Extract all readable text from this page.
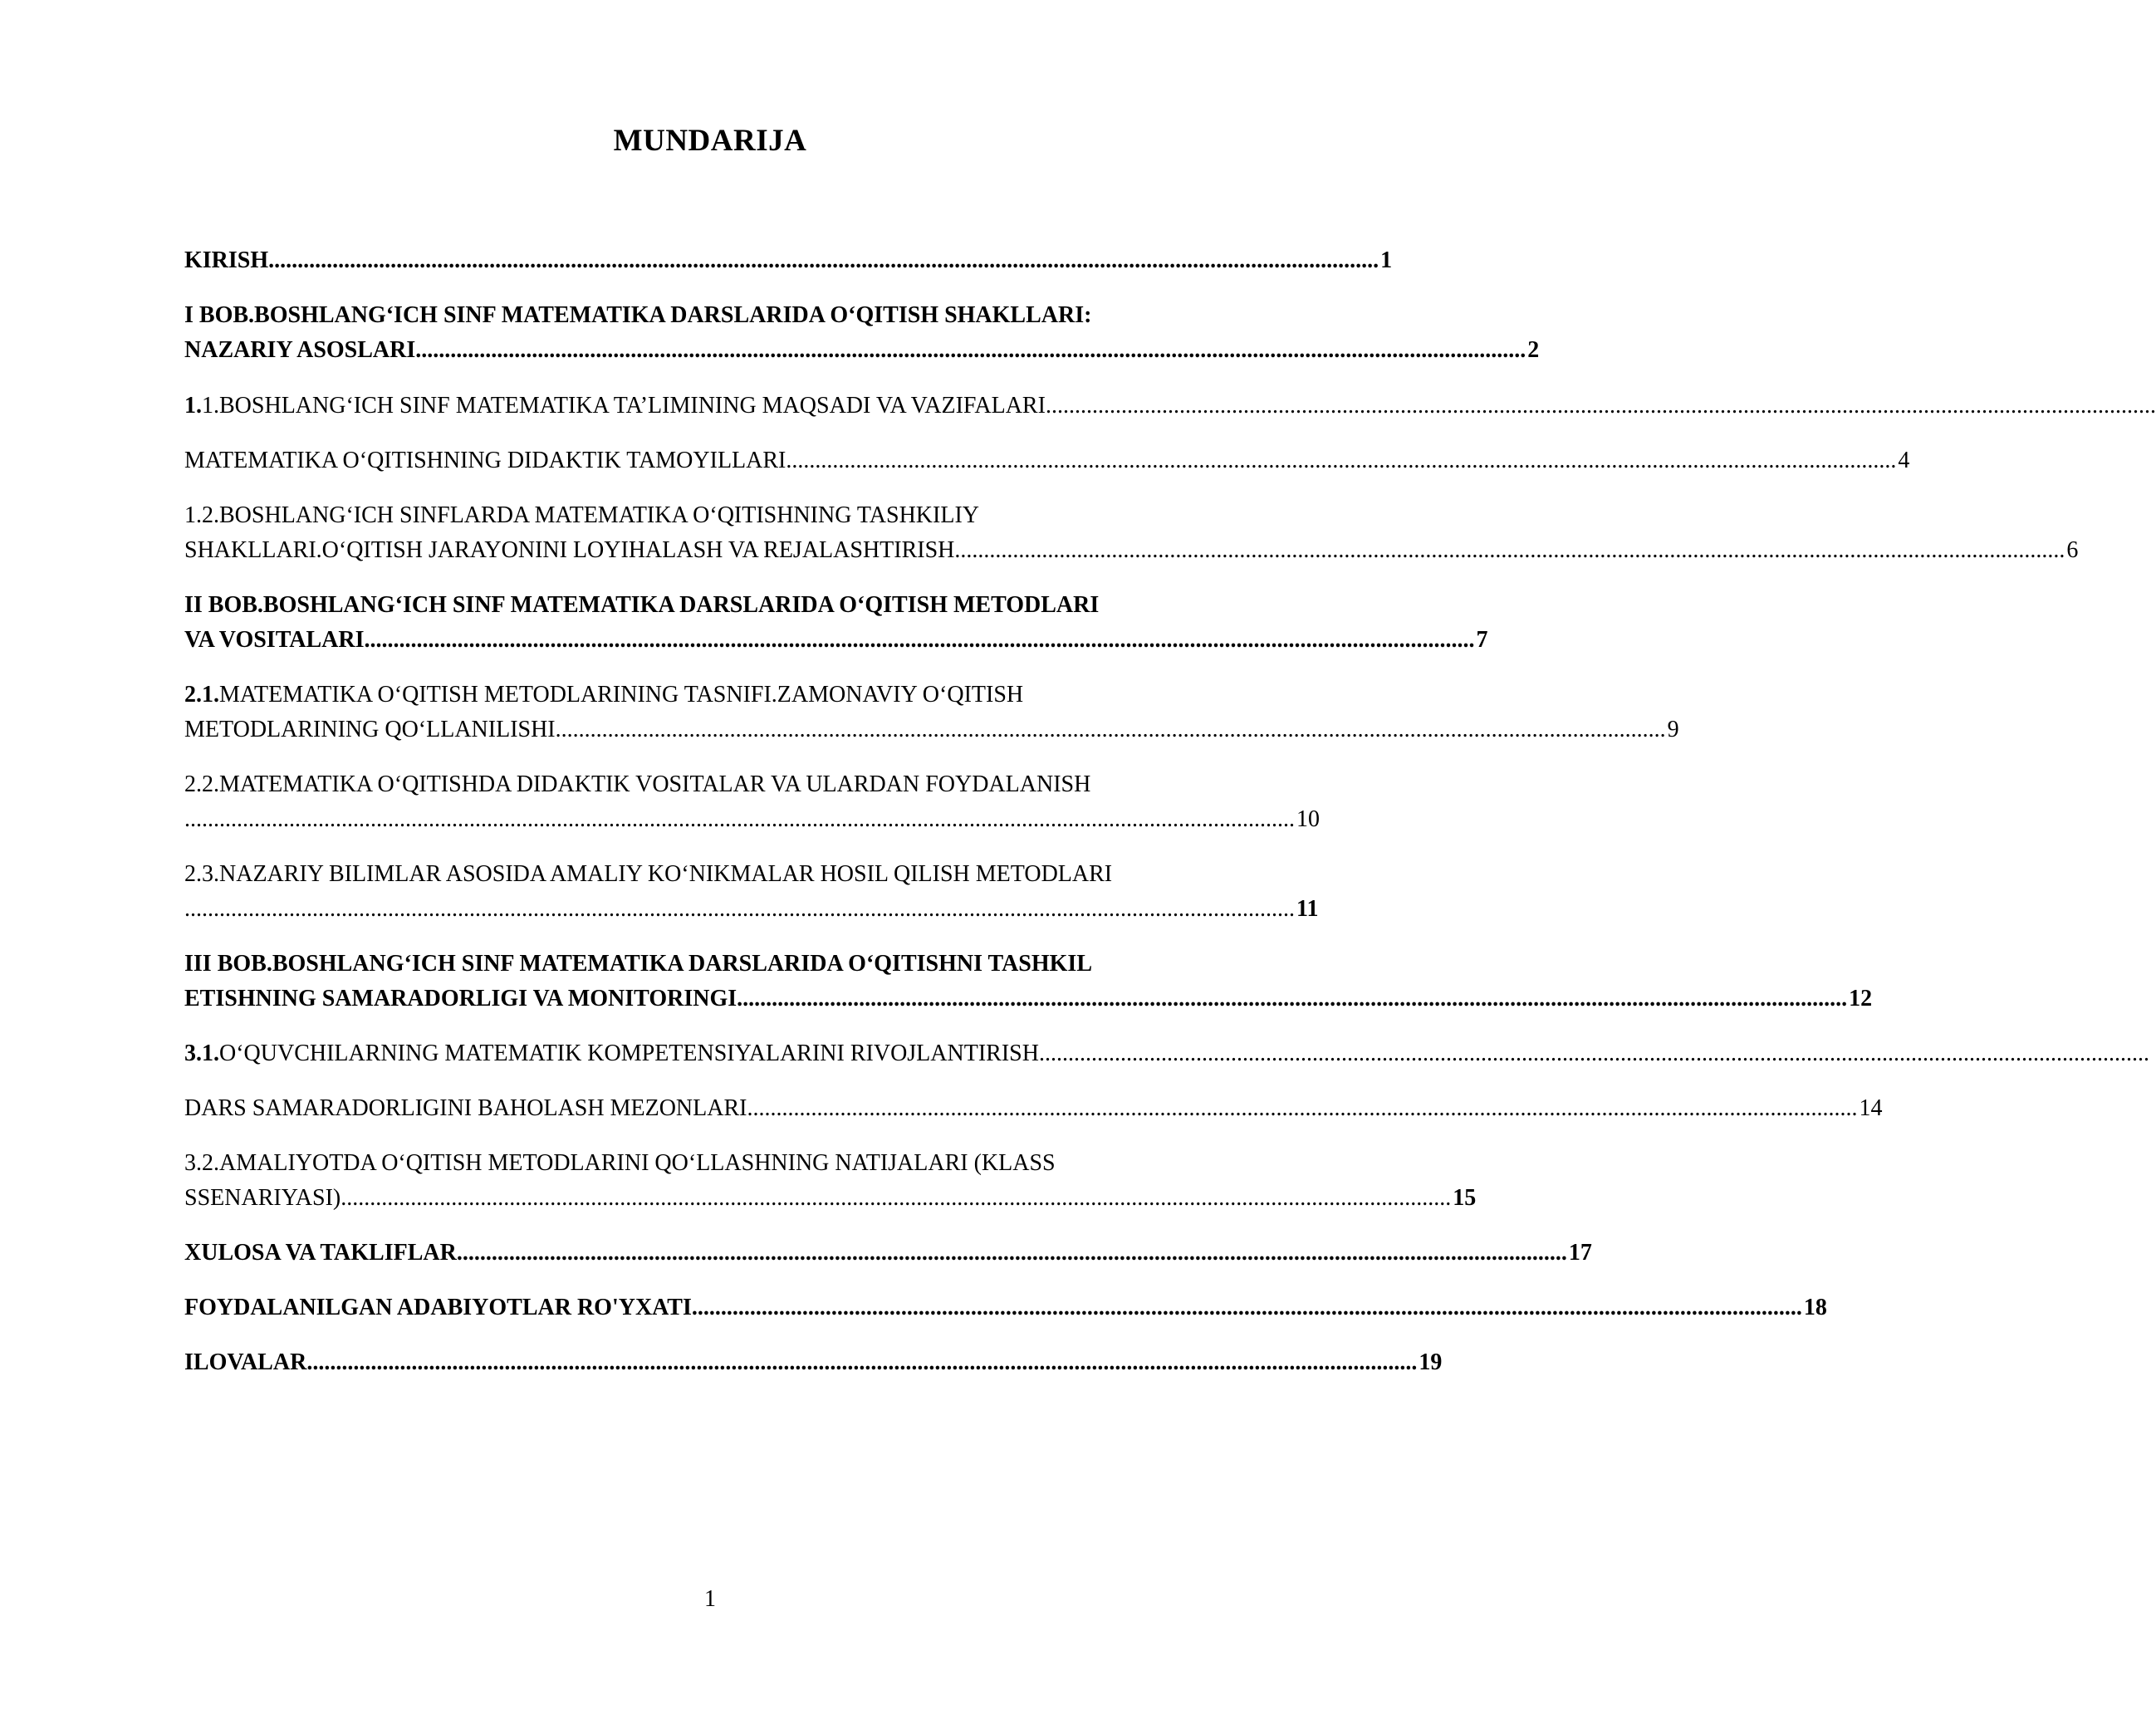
MUNDARIJA
KIRISH ............................................................................................................................................................................................... 1
I BOB.BOSHLANG‘ICH SINF MATEMATIKA DARSLARIDA O‘QITISH SHAKLLARI:
NAZARIY ASOSLARI ............................................................................................................................................................................................... 2
1. 1.BOSHLANG‘ICH SINF MATEMATIKA TA’LIMINING MAQSADI VA VAZIFALARI ...............................................................................................................................................................................................
MATEMATIKA O‘QITISHNING DIDAKTIK TAMOYILLARI ............................................................................................................................................................................................... 4
1.2.BOSHLANG‘ICH SINFLARDA MATEMATIKA O‘QITISHNING TASHKILIY
SHAKLLARI.O‘QITISH JARAYONINI LOYIHALASH VA REJALASHTIRISH ............................................................................................................................................................................................... 6
II BOB.BOSHLANG‘ICH SINF MATEMATIKA DARSLARIDA O‘QITISH METODLARI
VA VOSITALARI ............................................................................................................................................................................................... 7
2.1. MATEMATIKA O‘QITISH METODLARINING TASNIFI.ZAMONAVIY O‘QITISH
METODLARINING QO‘LLANILISHI ............................................................................................................................................................................................... 9
2.2.MATEMATIKA O‘QITISHDA DIDAKTIK VOSITALAR VA ULARDAN FOYDALANISH
............................................................................................................................................................................................... 10
2.3.NAZARIY BILIMLAR ASOSIDA AMALIY KO‘NIKMALAR HOSIL QILISH METODLARI
............................................................................................................................................................................................... 11
III BOB.BOSHLANG‘ICH SINF MATEMATIKA DARSLARIDA O‘QITISHNI TASHKIL
ETISHNING SAMARADORLIGI VA MONITORINGI ............................................................................................................................................................................................... 12
3.1. O‘QUVCHILARNING MATEMATIK KOMPETENSIYALARINI RIVOJLANTIRISH ...............................................................................................................................................................................................
DARS SAMARADORLIGINI BAHOLASH MEZONLARI ............................................................................................................................................................................................... 14
3.2.AMALIYOTDA O‘QITISH METODLARINI QO‘LLASHNING NATIJALARI (KLASS
SSENARIYASI) ............................................................................................................................................................................................... 15
XULOSA VA TAKLIFLAR ............................................................................................................................................................................................... 17
FOYDALANILGAN ADABIYOTLAR RO'YXATI ............................................................................................................................................................................................... 18
ILOVALAR ............................................................................................................................................................................................... 19
1
